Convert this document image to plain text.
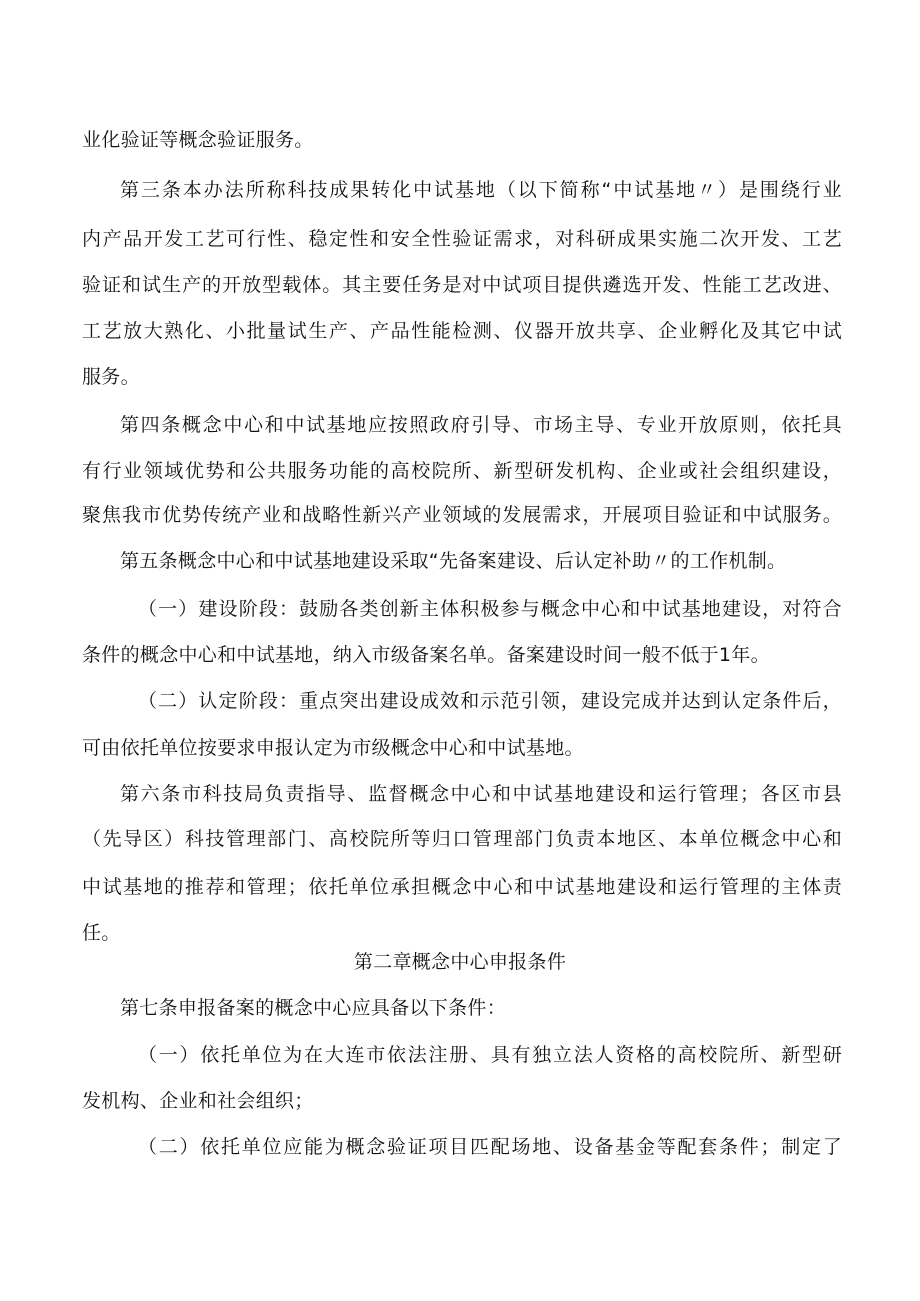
业化验证等概念验证服务。
第三条本办法所称科技成果转化中试基地（以下简称“中试基地〃）是围绕行业
内产品开发工艺可行性、稳定性和安全性验证需求，对科研成果实施二次开发、工艺
验证和试生产的开放型载体。其主要任务是对中试项目提供遴选开发、性能工艺改进、
工艺放大熟化、小批量试生产、产品性能检测、仪器开放共享、企业孵化及其它中试
服务。
第四条概念中心和中试基地应按照政府引导、市场主导、专业开放原则，依托具
有行业领域优势和公共服务功能的高校院所、新型研发机构、企业或社会组织建设，
聚焦我市优势传统产业和战略性新兴产业领域的发展需求，开展项目验证和中试服务。
第五条概念中心和中试基地建设采取“先备案建设、后认定补助〃的工作机制。
（一）建设阶段：鼓励各类创新主体积极参与概念中心和中试基地建设，对符合
条件的概念中心和中试基地，纳入市级备案名单。备案建设时间一般不低于1年。
（二）认定阶段：重点突出建设成效和示范引领，建设完成并达到认定条件后，
可由依托单位按要求申报认定为市级概念中心和中试基地。
第六条市科技局负责指导、监督概念中心和中试基地建设和运行管理；各区市县
（先导区）科技管理部门、高校院所等归口管理部门负责本地区、本单位概念中心和
中试基地的推荐和管理；依托单位承担概念中心和中试基地建设和运行管理的主体责
任。
第二章概念中心申报条件
第七条申报备案的概念中心应具备以下条件：
（一）依托单位为在大连市依法注册、具有独立法人资格的高校院所、新型研
发机构、企业和社会组织；
（二）依托单位应能为概念验证项目匹配场地、设备基金等配套条件；制定了
